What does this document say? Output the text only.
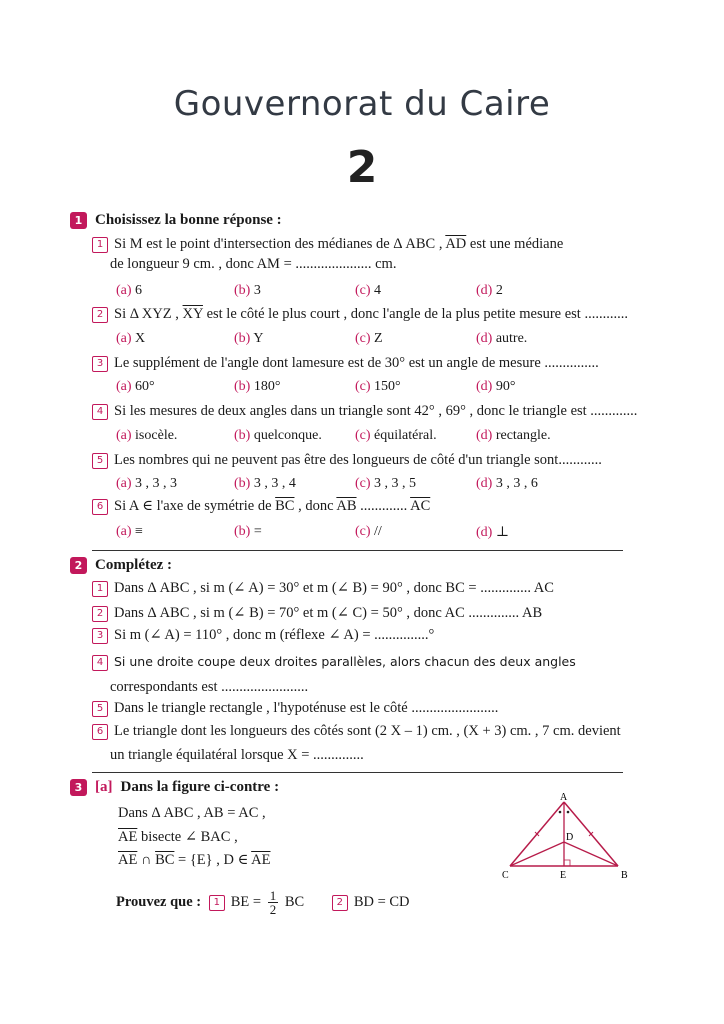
Gouvernorat du Caire
2
1 Choisissez la bonne réponse :
1 Si M est le point d'intersection des médianes de Δ ABC , $\overline{AD}$ est une médiane
de longueur 9 cm. , donc AM = ..................... cm.
(a) 6	(b) 3	(c) 4	(d) 2
2 Si Δ XYZ , $\overline{XY}$ est le côté le plus court , donc l'angle de la plus petite mesure est ............
(a) X	(b) Y	(c) Z	(d) autre.
3 Le supplément de l'angle dont lamesure est de 30° est un angle de mesure ...............
(a) 60°	(b) 180°	(c) 150°	(d) 90°
4 Si les mesures de deux angles dans un triangle sont 42° , 69° , donc le triangle est .............
(a) isocèle.	(b) quelconque. (c) équilatéral.	(d) rectangle.
5 Les nombres qui ne peuvent pas être des longueurs de côté d'un triangle sont............
(a) 3 , 3 , 3	(b) 3 , 3 , 4	(c) 3 , 3 , 5	(d) 3 , 3 , 6
6 Si A ∈ l'axe de symétrie de $\overline{BC}$ , donc $\overline{AB}$ ............. $\overline{AC}$
(a) ≡	(b) =	(c) //	(d) ⊥
2 Complétez :
1 Dans Δ ABC , si m (∠ A) = 30° et m (∠ B) = 90° , donc BC = .............. AC
2 Dans Δ ABC , si m (∠ B) = 70° et m (∠ C) = 50° , donc AC .............. AB
3 Si m (∠ A) = 110° , donc m (réflexe ∠ A) = ...............°
4 Si une droite coupe deux droites parallèles, alors chacun des deux angles
correspondants est ........................
5 Dans le triangle rectangle , l'hypoténuse est le côté ........................
6 Le triangle dont les longueurs des côtés sont (2 X – 1) cm. , (X + 3) cm. , 7 cm. devient
un triangle équilatéral lorsque X = ..............
3 [a] Dans la figure ci-contre :
Dans Δ ABC , AB = AC ,
$\overline{AE}$ bisecte ∠ BAC ,
$\overline{AE}$ ∩ $\overline{BC} = \{E\}$ , D ∈ $\overline{AE}$
Prouvez que : 1 BE = $\frac{1}{2}$ BC	2 BD = CD
A
B
C
D
E
